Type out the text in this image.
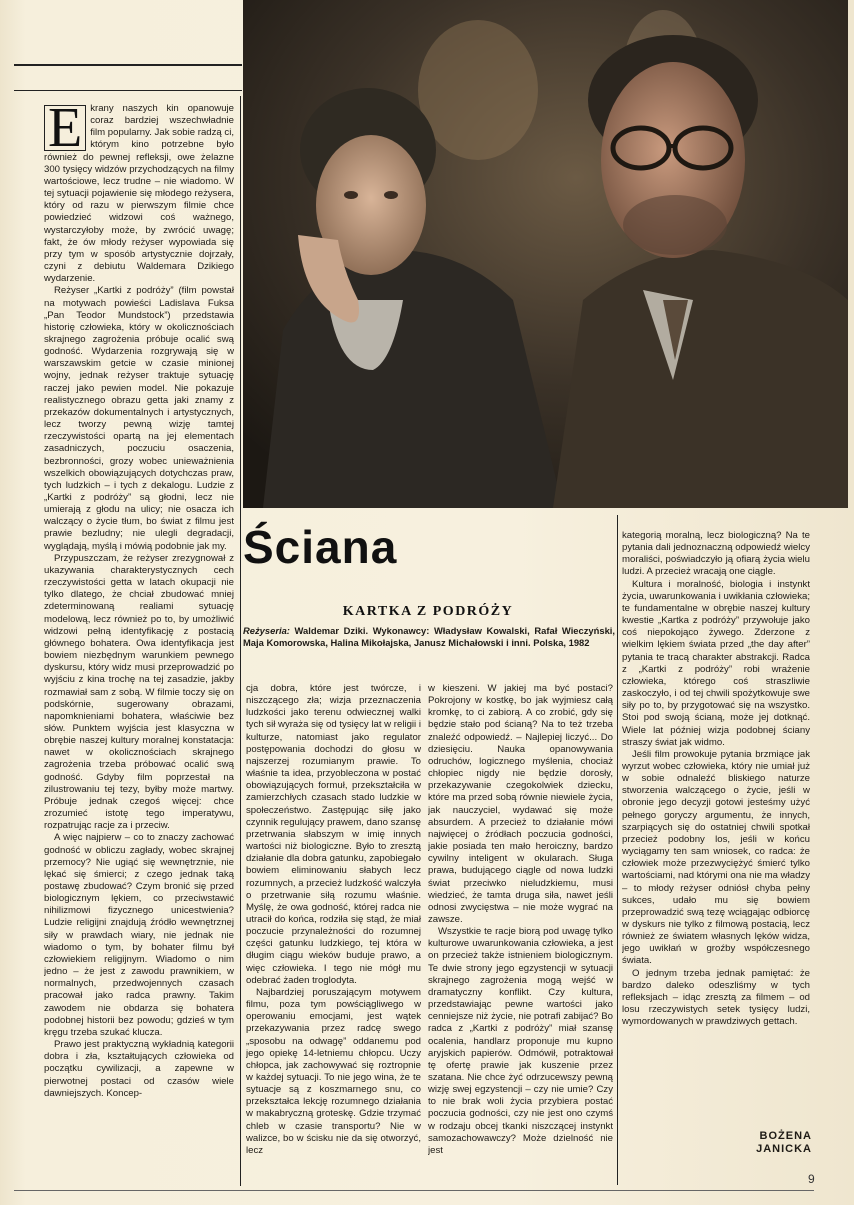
E krany naszych kin opanowuje coraz bardziej wszechwładnie film popularny. Jak sobie radzą ci, którym kino potrzebne było również do pewnej refleksji, owe żelazne 300 tysięcy widzów przychodzących na filmy wartościowe, lecz trudne – nie wiadomo. W tej sytuacji pojawienie się młodego reżysera, który od razu w pierwszym filmie chce powiedzieć widzowi coś ważnego, wystarczyłoby może, by zwrócić uwagę; fakt, że ów młody reżyser wypowiada się przy tym w sposób artystycznie dojrzały, czyni z debiutu Waldemara Dzikiego wydarzenie.

Reżyser „Kartki z podróży” (film powstał na motywach powieści Ladislava Fuksa „Pan Teodor Mundstock”) przedstawia historię człowieka, który w okolicznościach skrajnego zagrożenia próbuje ocalić swą godność. Wydarzenia rozgrywają się w warszawskim getcie w czasie minionej wojny, jednak reżyser traktuje sytuację raczej jako pewien model. Nie pokazuje realistycznego obrazu getta jaki znamy z przekazów dokumentalnych i artystycznych, lecz tworzy pewną wizję tamtej rzeczywistości opartą na jej elementach zasadniczych, poczuciu osaczenia, bezbronności, grozy wobec unieważnienia wszelkich obowiązujących dotychczas praw, tych ludzkich – i tych z dekalogu. Ludzie z „Kartki z podróży” są głodni, lecz nie umierają z głodu na ulicy; nie osacza ich walczący o życie tłum, bo świat z filmu jest prawie bezludny; nie ulegli degradacji, wyglądają, myślą i mówią podobnie jak my.

Przypuszczam, że reżyser zrezygnował z ukazywania charakterystycznych cech rzeczywistości getta w latach okupacji nie tylko dlatego, że chciał zbudować mniej zdeterminowaną realiami sytuację modelową, lecz również po to, by umożliwić widzowi pełną identyfikację z postacią głównego bohatera. Owa identyfikacja jest bowiem niezbędnym warunkiem pewnego dyskursu, który widz musi przeprowadzić po wyjściu z kina trochę na tej zasadzie, jakby rozmawiał sam z sobą. W filmie toczy się on podskórnie, sugerowany obrazami, napomknieniami bohatera, właściwie bez słów. Punktem wyjścia jest klasyczna w obrębie naszej kultury moralnej konstatacja: nawet w okolicznościach skrajnego zagrożenia trzeba próbować ocalić swą godność. Gdyby film poprzestał na zilustrowaniu tej tezy, byłby może martwy. Próbuje jednak czegoś więcej: chce zrozumieć istotę tego imperatywu, rozpatrując racje za i przeciw.

A więc najpierw – co to znaczy zachować godność w obliczu zagłady, wobec skrajnej przemocy? Nie ugiąć się wewnętrznie, nie lękać się śmierci; z czego jednak taką postawę zbudować? Czym bronić się przed biologicznym lękiem, co przeciwstawić nihilizmowi fizycznego unicestwienia? Ludzie religijni znajdują źródło wewnętrznej siły w prawdach wiary, nie jednak nie wiadomo o tym, by bohater filmu był człowiekiem religijnym. Wiadomo o nim jedno – że jest z zawodu prawnikiem, w normalnych, przedwojennych czasach pracował jako radca prawny. Takim zawodem nie obdarza się bohatera podobnej historii bez powodu; gdzieś w tym kręgu trzeba szukać klucza.

Prawo jest praktyczną wykładnią kategorii dobra i zła, kształtujących człowieka od początku cywilizacji, a zapewne w pierwotnej postaci od czasów wiele dawniejszych. Koncep-

Ściana
KARTKA Z PODRÓŻY
Reżyseria: Waldemar Dziki. Wykonawcy: Władysław Kowalski, Rafał Wieczyński, Maja Komorowska, Halina Mikołajska, Janusz Michałowski i inni. Polska, 1982

cja dobra, które jest twórcze, i niszczącego zła; wizja przeznaczenia ludzkości jako terenu odwiecznej walki tych sił wyraża się od tysięcy lat w religii i kulturze, natomiast jako regulator postępowania dochodzi do głosu w najszerzej rozumianym prawie. To właśnie ta idea, przyobleczona w postać obowiązujących formuł, przekształciła w zamierzchłych czasach stado ludzkie w społeczeństwo. Zastępując siłę jako czynnik regulujący prawem, dano szansę przetrwania słabszym w imię innych wartości niż biologiczne. Było to zresztą działanie dla dobra gatunku, zapobiegało bowiem eliminowaniu słabych lecz rozumnych, a przecież ludzkość walczyła o przetrwanie siłą rozumu właśnie. Myślę, że owa godność, której radca nie utracił do końca, rodziła się stąd, że miał poczucie przynależności do rozumnej części gatunku ludzkiego, tej która w długim ciągu wieków buduje prawo, a więc człowieka. I tego nie mógł mu odebrać żaden troglodyta.

Najbardziej poruszającym motywem filmu, poza tym powściągliwego w operowaniu emocjami, jest wątek przekazywania przez radcę swego „sposobu na odwagę” oddanemu pod jego opiekę 14-letniemu chłopcu. Uczy chłopca, jak zachowywać się roztropnie w każdej sytuacji. To nie jego wina, że te sytuacje są z koszmarnego snu, co przekształca lekcję rozumnego działania w makabryczną groteskę. Gdzie trzymać chleb w czasie transportu? Nie w walizce, bo w ścisku nie da się otworzyć, lecz

w kieszeni. W jakiej ma być postaci? Pokrojony w kostkę, bo jak wyjmiesz całą kromkę, to ci zabiorą. A co zrobić, gdy się będzie stało pod ścianą? Na to też trzeba znaleźć odpowiedź. – Najlepiej liczyć... Do dziesięciu. Nauka opanowywania odruchów, logicznego myślenia, chociaż chłopiec nigdy nie będzie dorosły, przekazywanie czegokolwiek dziecku, które ma przed sobą równie niewiele życia, jak nauczyciel, wydawać się może absurdem. A przecież to działanie mówi najwięcej o źródłach poczucia godności, jakie posiada ten mało heroiczny, bardzo cywilny inteligent w okularach. Sługa prawa, budującego ciągle od nowa ludzki świat przeciwko nieludzkiemu, musi wiedzieć, że tamta druga siła, nawet jeśli odnosi zwycięstwa – nie może wygrać na zawsze.

Wszystkie te racje biorą pod uwagę tylko kulturowe uwarunkowania człowieka, a jest on przecież także istnieniem biologicznym. Te dwie strony jego egzystencji w sytuacji skrajnego zagrożenia mogą wejść w dramatyczny konflikt. Czy kultura, przedstawiając pewne wartości jako cenniejsze niż życie, nie potrafi zabijać? Bo radca z „Kartki z podróży” miał szansę ocalenia, handlarz proponuje mu kupno aryjskich papierów. Odmówił, potraktował tę ofertę prawie jak kuszenie przez szatana. Nie chce żyć odrzucewszy pewną wizję swej egzystencji – czy nie umie? Czy to nie brak woli życia przybiera postać poczucia godności, czy nie jest ono czymś w rodzaju obcej tkanki niszczącej instynkt samozachowawczy? Może dzielność nie jest

kategorią moralną, lecz biologiczną? Na te pytania dali jednoznaczną odpowiedź wielcy moraliści, poświadczyło ją ofiarą życia wielu ludzi. A przecież wracają one ciągle.

Kultura i moralność, biologia i instynkt życia, uwarunkowania i uwikłania człowieka; te fundamentalne w obrębie naszej kultury kwestie „Kartka z podróży” przywołuje jako coś niepokojąco żywego. Zderzone z wielkim lękiem świata przed „the day after” pytania te tracą charakter abstrakcji. Radca z „Kartki z podróży” robi wrażenie człowieka, którego coś straszliwie zaskoczyło, i od tej chwili spożytkowuje swe siły po to, by przygotować się na wszystko. Stoi pod swoją ścianą, może jej dotknąć. Wiele lat później wizja podobnej ściany straszy świat jak widmo.

Jeśli film prowokuje pytania brzmiące jak wyrzut wobec człowieka, który nie umiał już w sobie odnaleźć bliskiego naturze stworzenia walczącego o życie, jeśli w obronie jego decyzji gotowi jesteśmy użyć pełnego goryczy argumentu, że innych, szarpiących się do ostatniej chwili spotkał przecież podobny los, jeśli w końcu wyciągamy ten sam wniosek, co radca: że człowiek może przezwyciężyć śmierć tylko wartościami, nad którymi ona nie ma władzy – to młody reżyser odniósł chyba pełny sukces, udało mu się bowiem przeprowadzić swą tezę wciągając odbiorcę w dyskurs nie tylko z filmową postacią, lecz również ze światem własnych lęków widza, jego uwikłań w groźby współczesnego świata.

O jednym trzeba jednak pamiętać: że bardzo daleko odeszliśmy w tych refleksjach – idąc zresztą za filmem – od losu rzeczywistych setek tysięcy ludzi, wymordowanych w prawdziwych gettach.

BOŻENA
JANICKA
9
